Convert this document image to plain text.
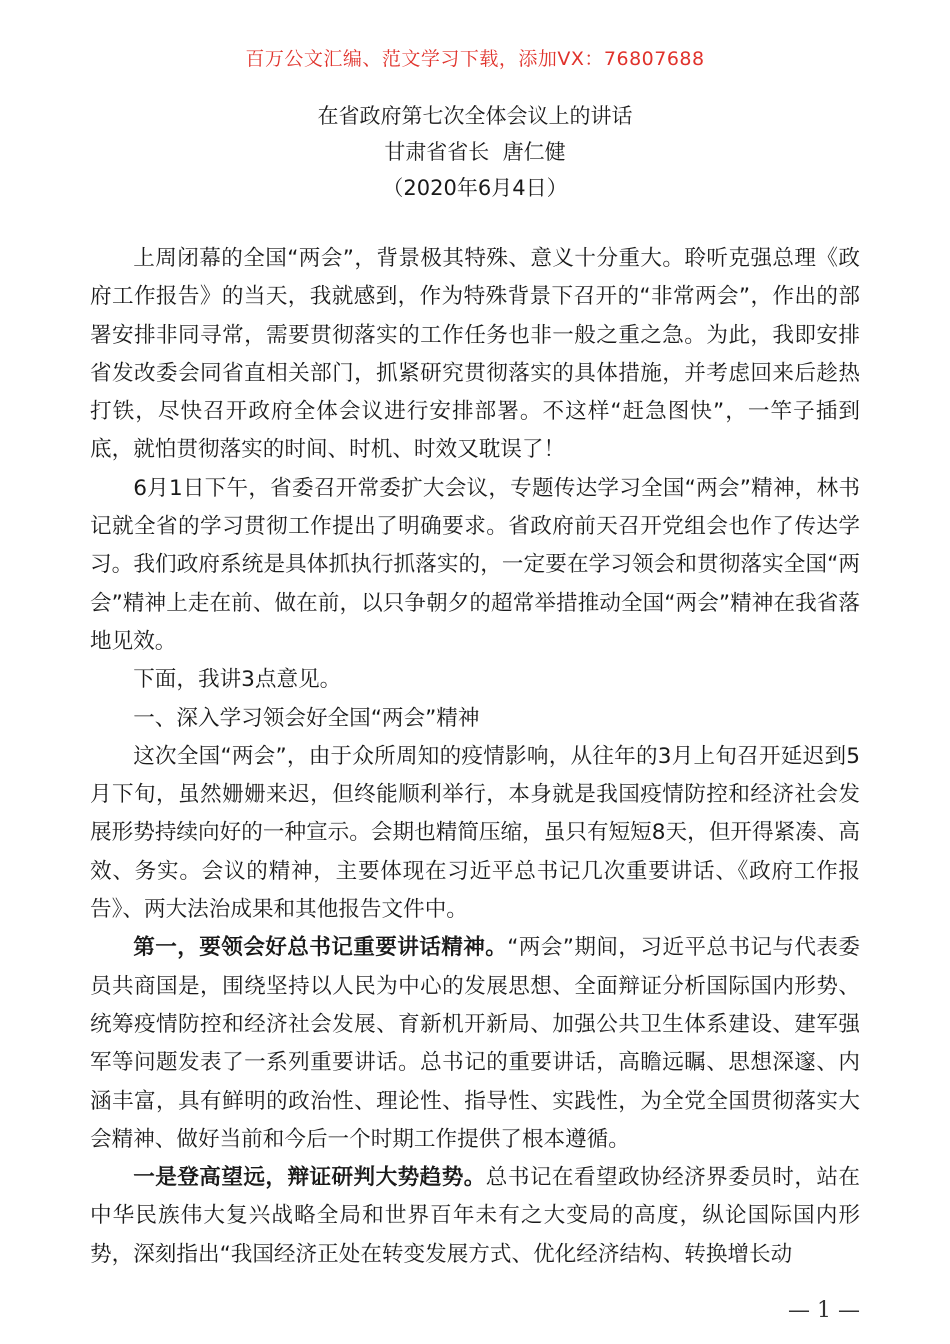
百万公文汇编、范文学习下载，添加VX：76807688
在省政府第七次全体会议上的讲话
甘肃省省长  唐仁健
（2020年6月4日）

上周闭幕的全国“两会”，背景极其特殊、意义十分重大。聆听克强总理《政府工作报告》的当天，我就感到，作为特殊背景下召开的“非常两会”，作出的部署安排非同寻常，需要贯彻落实的工作任务也非一般之重之急。为此，我即安排省发改委会同省直相关部门，抓紧研究贯彻落实的具体措施，并考虑回来后趁热打铁，尽快召开政府全体会议进行安排部署。不这样“赶急图快”，一竿子插到底，就怕贯彻落实的时间、时机、时效又耽误了！

6月1日下午，省委召开常委扩大会议，专题传达学习全国“两会”精神，林书记就全省的学习贯彻工作提出了明确要求。省政府前天召开党组会也作了传达学习。我们政府系统是具体抓执行抓落实的，一定要在学习领会和贯彻落实全国“两会”精神上走在前、做在前，以只争朝夕的超常举措推动全国“两会”精神在我省落地见效。

下面，我讲3点意见。

一、深入学习领会好全国“两会”精神

这次全国“两会”，由于众所周知的疫情影响，从往年的3月上旬召开延迟到5月下旬，虽然姗姗来迟，但终能顺利举行，本身就是我国疫情防控和经济社会发展形势持续向好的一种宣示。会期也精简压缩，虽只有短短8天，但开得紧凑、高效、务实。会议的精神，主要体现在习近平总书记几次重要讲话、《政府工作报告》、两大法治成果和其他报告文件中。

第一，要领会好总书记重要讲话精神。“两会”期间，习近平总书记与代表委员共商国是，围绕坚持以人民为中心的发展思想、全面辩证分析国际国内形势、统筹疫情防控和经济社会发展、育新机开新局、加强公共卫生体系建设、建军强军等问题发表了一系列重要讲话。总书记的重要讲话，高瞻远瞩、思想深邃、内涵丰富，具有鲜明的政治性、理论性、指导性、实践性，为全党全国贯彻落实大会精神、做好当前和今后一个时期工作提供了根本遵循。

一是登高望远，辩证研判大势趋势。总书记在看望政协经济界委员时，站在中华民族伟大复兴战略全局和世界百年未有之大变局的高度，纵论国际国内形势，深刻指出“我国经济正处在转变发展方式、优化经济结构、转换增长动

— 1 —
